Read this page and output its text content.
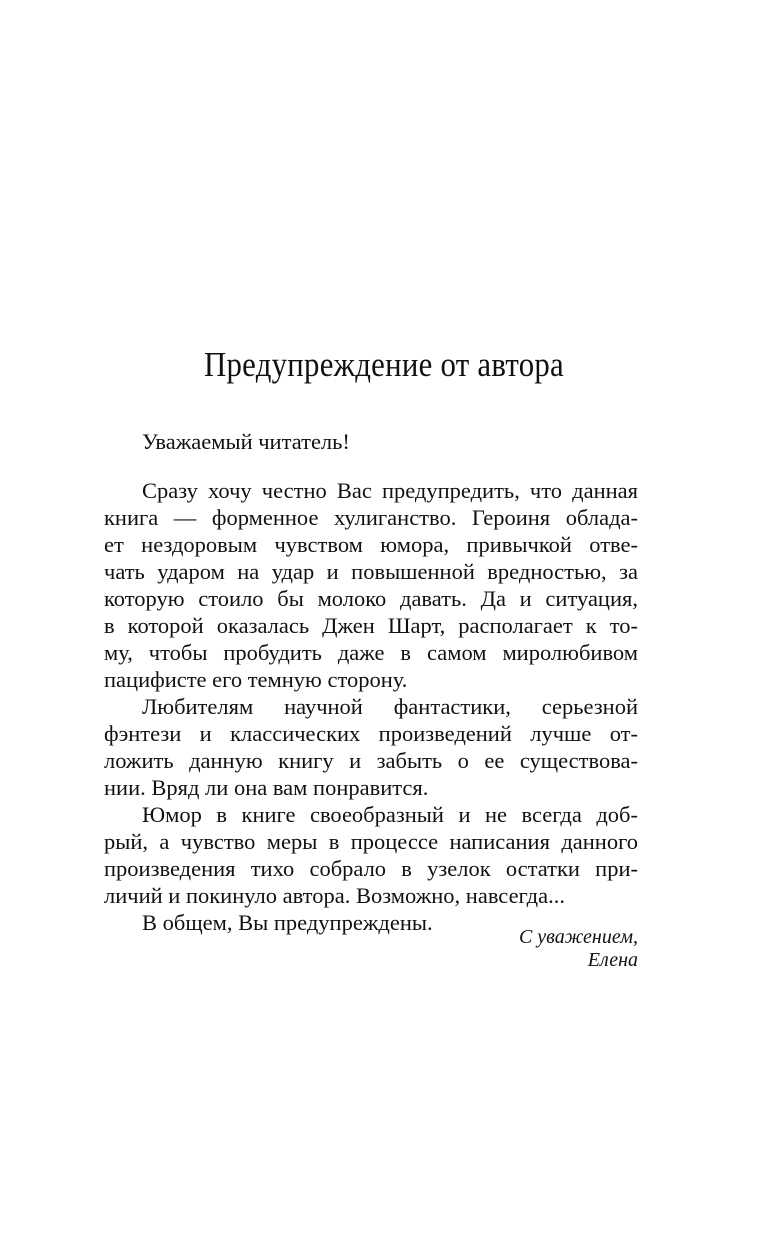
Предупреждение от автора
Уважаемый читатель!
Сразу хочу честно Вас предупредить, что данная
книга — форменное хулиганство. Героиня облада-
ет нездоровым чувством юмора, привычкой отве-
чать ударом на удар и повышенной вредностью, за
которую стоило бы молоко давать. Да и ситуация,
в которой оказалась Джен Шарт, располагает к то-
му, чтобы пробудить даже в самом миролюбивом
пацифисте его темную сторону.
Любителям научной фантастики, серьезной
фэнтези и классических произведений лучше от-
ложить данную книгу и забыть о ее существова-
нии. Вряд ли она вам понравится.
Юмор в книге своеобразный и не всегда доб-
рый, а чувство меры в процессе написания данного
произведения тихо собрало в узелок остатки при-
личий и покинуло автора. Возможно, навсегда...
В общем, Вы предупреждены.
С уважением,
Елена
